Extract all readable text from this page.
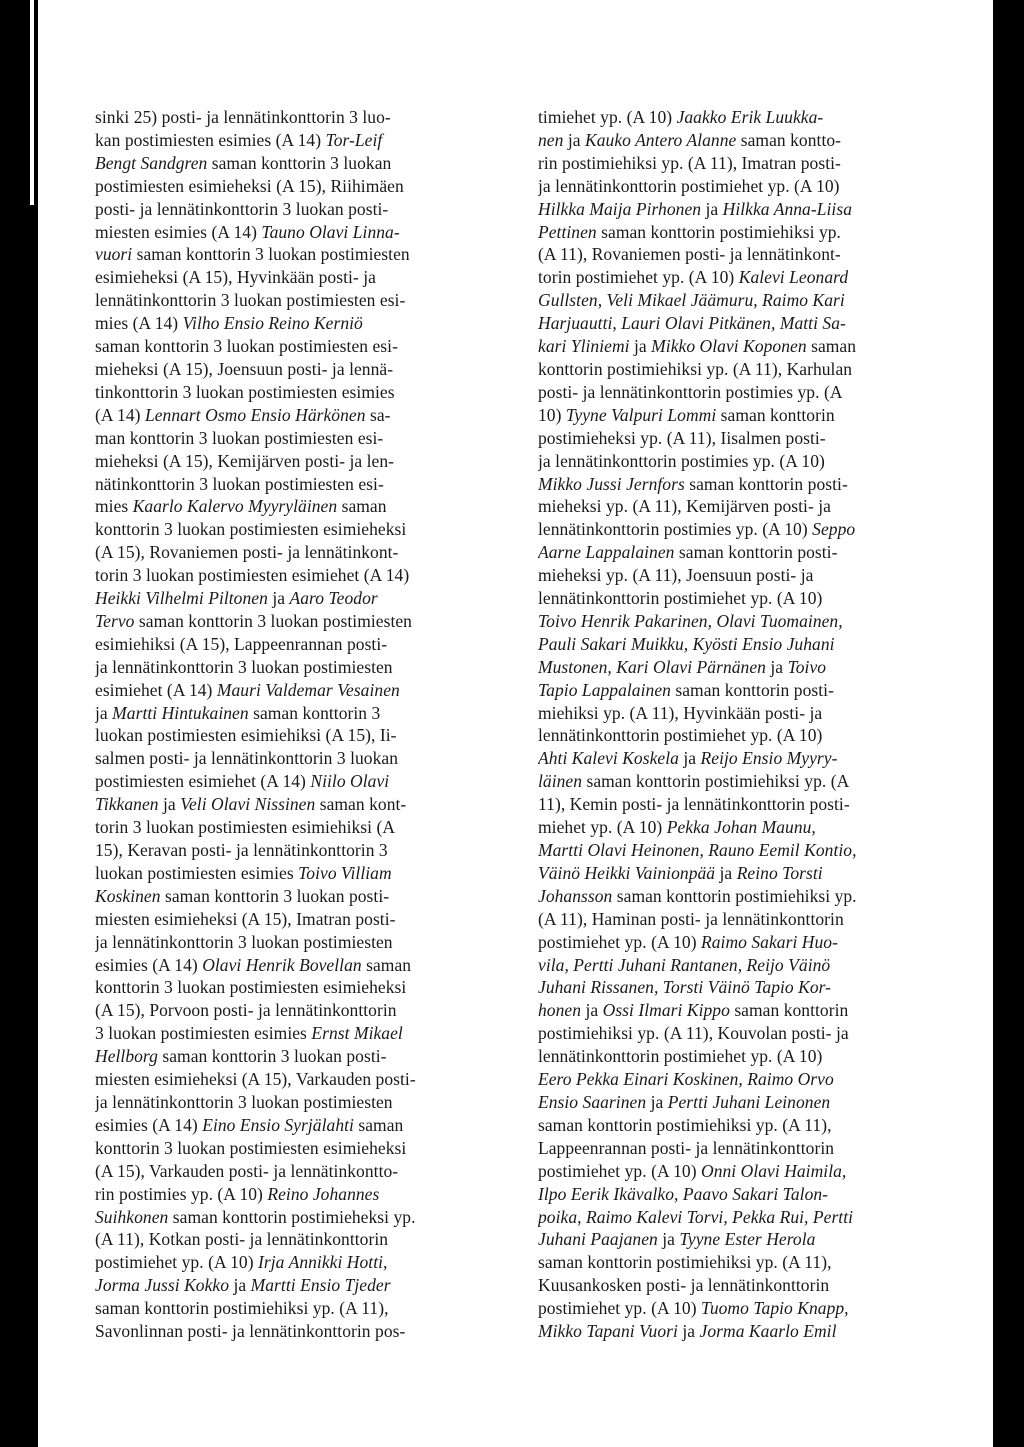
sinki 25) posti- ja lennätinkonttorin 3 luo-
kan postimiesten esimies (A 14) Tor-Leif
Bengt Sandgren saman konttorin 3 luokan
postimiesten esimieheksi (A 15), Riihimäen
posti- ja lennätinkonttorin 3 luokan posti-
miesten esimies (A 14) Tauno Olavi Linna-
vuori saman konttorin 3 luokan postimiesten
esimieheksi (A 15), Hyvinkään posti- ja
lennätinkonttorin 3 luokan postimiesten esi-
mies (A 14) Vilho Ensio Reino Kerniö
saman konttorin 3 luokan postimiesten esi-
mieheksi (A 15), Joensuun posti- ja lennä-
tinkonttorin 3 luokan postimiesten esimies
(A 14) Lennart Osmo Ensio Härkönen sa-
man konttorin 3 luokan postimiesten esi-
mieheksi (A 15), Kemijärven posti- ja len-
nätinkonttorin 3 luokan postimiesten esi-
mies Kaarlo Kalervo Myyryläinen saman
konttorin 3 luokan postimiesten esimieheksi
(A 15), Rovaniemen posti- ja lennätinkont-
torin 3 luokan postimiesten esimiehet (A 14)
Heikki Vilhelmi Piltonen ja Aaro Teodor
Tervo saman konttorin 3 luokan postimiesten
esimiehiksi (A 15), Lappeenrannan posti-
ja lennätinkonttorin 3 luokan postimiesten
esimiehet (A 14) Mauri Valdemar Vesainen
ja Martti Hintukainen saman konttorin 3
luokan postimiesten esimiehiksi (A 15), Ii-
salmen posti- ja lennätinkonttorin 3 luokan
postimiesten esimiehet (A 14) Niilo Olavi
Tikkanen ja Veli Olavi Nissinen saman kont-
torin 3 luokan postimiesten esimiehiksi (A
15), Keravan posti- ja lennätinkonttorin 3
luokan postimiesten esimies Toivo Villiam
Koskinen saman konttorin 3 luokan posti-
miesten esimieheksi (A 15), Imatran posti-
ja lennätinkonttorin 3 luokan postimiesten
esimies (A 14) Olavi Henrik Bovellan saman
konttorin 3 luokan postimiesten esimieheksi
(A 15), Porvoon posti- ja lennätinkonttorin
3 luokan postimiesten esimies Ernst Mikael
Hellborg saman konttorin 3 luokan posti-
miesten esimieheksi (A 15), Varkauden posti-
ja lennätinkonttorin 3 luokan postimiesten
esimies (A 14) Eino Ensio Syrjälahti saman
konttorin 3 luokan postimiesten esimieheksi
(A 15), Varkauden posti- ja lennätinkontto-
rin postimies yp. (A 10) Reino Johannes
Suihkonen saman konttorin postimieheksi yp.
(A 11), Kotkan posti- ja lennätinkonttorin
postimiehet yp. (A 10) Irja Annikki Hotti,
Jorma Jussi Kokko ja Martti Ensio Tjeder
saman konttorin postimiehiksi yp. (A 11),
Savonlinnan posti- ja lennätinkonttorin pos-
timiehet yp. (A 10) Jaakko Erik Luukka-
nen ja Kauko Antero Alanne saman kontto-
rin postimiehiksi yp. (A 11), Imatran posti-
ja lennätinkonttorin postimiehet yp. (A 10)
Hilkka Maija Pirhonen ja Hilkka Anna-Liisa
Pettinen saman konttorin postimiehiksi yp.
(A 11), Rovaniemen posti- ja lennätinkont-
torin postimiehet yp. (A 10) Kalevi Leonard
Gullsten, Veli Mikael Jäämuru, Raimo Kari
Harjuautti, Lauri Olavi Pitkänen, Matti Sa-
kari Yliniemi ja Mikko Olavi Koponen saman
konttorin postimiehiksi yp. (A 11), Karhulan
posti- ja lennätinkonttorin postimies yp. (A
10) Tyyne Valpuri Lommi saman konttorin
postimieheksi yp. (A 11), Iisalmen posti-
ja lennätinkonttorin postimies yp. (A 10)
Mikko Jussi Jernfors saman konttorin posti-
mieheksi yp. (A 11), Kemijärven posti- ja
lennätinkonttorin postimies yp. (A 10) Seppo
Aarne Lappalainen saman konttorin posti-
mieheksi yp. (A 11), Joensuun posti- ja
lennätinkonttorin postimiehet yp. (A 10)
Toivo Henrik Pakarinen, Olavi Tuomainen,
Pauli Sakari Muikku, Kyösti Ensio Juhani
Mustonen, Kari Olavi Pärnänen ja Toivo
Tapio Lappalainen saman konttorin posti-
miehiksi yp. (A 11), Hyvinkään posti- ja
lennätinkonttorin postimiehet yp. (A 10)
Ahti Kalevi Koskela ja Reijo Ensio Myyry-
läinen saman konttorin postimiehiksi yp. (A
11), Kemin posti- ja lennätinkonttorin posti-
miehet yp. (A 10) Pekka Johan Maunu,
Martti Olavi Heinonen, Rauno Eemil Kontio,
Väinö Heikki Vainionpää ja Reino Torsti
Johansson saman konttorin postimiehiksi yp.
(A 11), Haminan posti- ja lennätinkonttorin
postimiehet yp. (A 10) Raimo Sakari Huo-
vila, Pertti Juhani Rantanen, Reijo Väinö
Juhani Rissanen, Torsti Väinö Tapio Kor-
honen ja Ossi Ilmari Kippo saman konttorin
postimiehiksi yp. (A 11), Kouvolan posti- ja
lennätinkonttorin postimiehet yp. (A 10)
Eero Pekka Einari Koskinen, Raimo Orvo
Ensio Saarinen ja Pertti Juhani Leinonen
saman konttorin postimiehiksi yp. (A 11),
Lappeenrannan posti- ja lennätinkonttorin
postimiehet yp. (A 10) Onni Olavi Haimila,
Ilpo Eerik Ikävalko, Paavo Sakari Talon-
poika, Raimo Kalevi Torvi, Pekka Rui, Pertti
Juhani Paajanen ja Tyyne Ester Herola
saman konttorin postimiehiksi yp. (A 11),
Kuusankosken posti- ja lennätinkonttorin
postimiehet yp. (A 10) Tuomo Tapio Knapp,
Mikko Tapani Vuori ja Jorma Kaarlo Emil
